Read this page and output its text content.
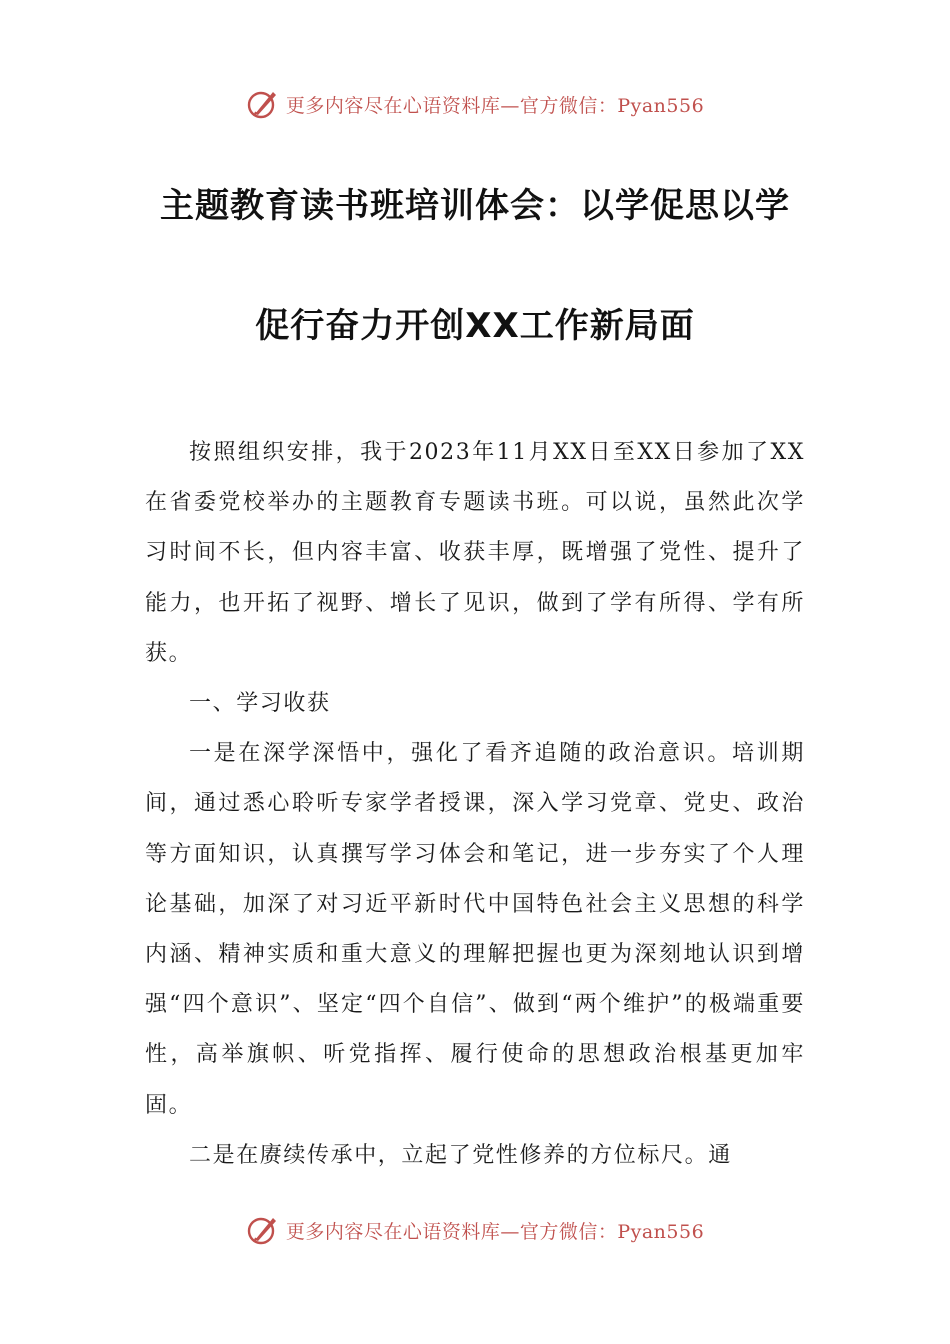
更多内容尽在心语资料库—官方微信：Pyan556
主题教育读书班培训体会：以学促思以学
促行奋力开创XX工作新局面

按照组织安排，我于2023年11月XX日至XX日参加了XX在省委党校举办的主题教育专题读书班。可以说，虽然此次学习时间不长，但内容丰富、收获丰厚，既增强了党性、提升了能力，也开拓了视野、增长了见识，做到了学有所得、学有所获。

一、学习收获

一是在深学深悟中，强化了看齐追随的政治意识。培训期间，通过悉心聆听专家学者授课，深入学习党章、党史、政治等方面知识，认真撰写学习体会和笔记，进一步夯实了个人理论基础，加深了对习近平新时代中国特色社会主义思想的科学内涵、精神实质和重大意义的理解把握也更为深刻地认识到增强“四个意识”、坚定“四个自信”、做到“两个维护”的极端重要性，高举旗帜、听党指挥、履行使命的思想政治根基更加牢固。

二是在赓续传承中，立起了党性修养的方位标尺。通

更多内容尽在心语资料库—官方微信：Pyan556
